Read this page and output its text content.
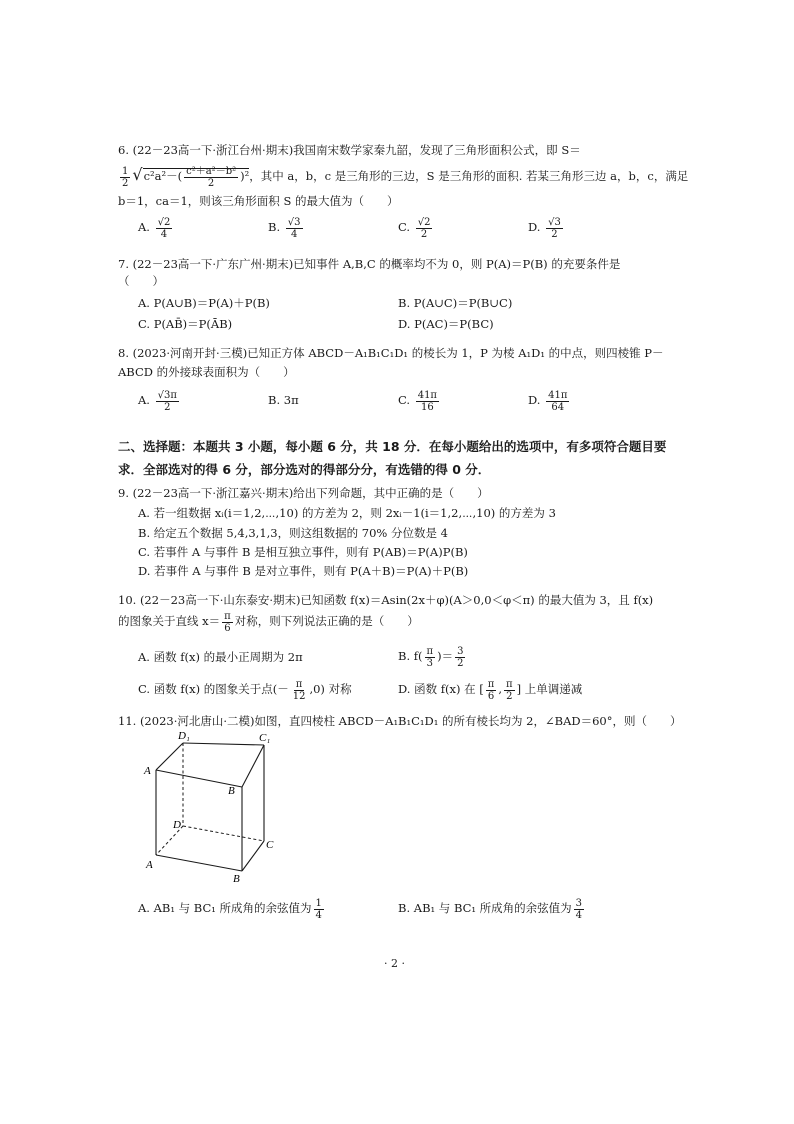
6. (22－23高一下·浙江台州·期末)我国南宋数学家秦九韶，发现了三角形面积公式，即 S＝
$\frac{1}{2} √c^2a^2-( \frac{\text{c²＋a²－b²}}{2} )^2$，其中 a，b，c 是三角形的三边，S 是三角形的面积. 若某三角形三边 a，b，c，满足
b＝1，ca＝1，则该三角形面积 S 的最大值为（　　）
A. $\frac{√2}{4}$	B. $\frac{√3}{4}$	C. $\frac{√2}{2}$	D. $\frac{√3}{2}$
7. (22－23高一下·广东广州·期末)已知事件 A,B,C 的概率均不为 0，则 P(A)＝P(B) 的充要条件是
（　　）
A. P(A∪B)＝P(A)＋P(B)	B. P(A∪C)＝P(B∪C)
C. P(AB̄)＝P(ĀB)	D. P(AC)＝P(BC)
8. (2023·河南开封·三模)已知正方体 ABCD－A₁B₁C₁D₁ 的棱长为 1，P 为棱 A₁D₁ 的中点，则四棱锥 P－
ABCD 的外接球表面积为（　　）
A. $\frac{√3\pi}{2}$	B. 3π	C. $\frac{41\pi}{16}$	D. $\frac{41\pi}{64}$
二、选择题：本题共 3 小题，每小题 6 分，共 18 分．在每小题给出的选项中，有多项符合题目要
求．全部选对的得 6 分，部分选对的得部分分，有选错的得 0 分．
9. (22－23高一下·浙江嘉兴·期末)给出下列命题，其中正确的是（　　）
A. 若一组数据 xᵢ(i＝1,2,⋯,10) 的方差为 2，则 2xᵢ－1(i＝1,2,⋯,10) 的方差为 3
B. 给定五个数据 5,4,3,1,3，则这组数据的 70% 分位数是 4
C. 若事件 A 与事件 B 是相互独立事件，则有 P(AB)＝P(A)P(B)
D. 若事件 A 与事件 B 是对立事件，则有 P(A＋B)＝P(A)＋P(B)
10. (22－23高一下·山东泰安·期末)已知函数 f(x)＝Asin(2x＋φ)(A＞0,0＜φ＜π) 的最大值为 3，且 f(x)
的图象关于直线 $x= \frac{\pi}{6}$ 对称，则下列说法正确的是（　　）
A. 函数 f(x) 的最小正周期为 2π	B. $f( \frac{\pi}{3}$ )＝ $\frac{3}{2}$
C. 函数 f(x) 的图象关于点(－ $\frac{\pi}{12} ,0$) 对称	D. 函数 f(x) 在 [ $\frac{\pi}{6}$ , $\frac{\pi}{2}$ ] 上单调递减
11. (2023·河北唐山·二模)如图，直四棱柱 ABCD－A₁B₁C₁D₁ 的所有棱长均为 2，∠BAD＝60°，则（　　）
D₁	C₁
A
B
D
C
A
B
A. AB₁ 与 BC₁ 所成角的余弦值为 $\frac{1}{4}$	B. AB₁ 与 BC₁ 所成角的余弦值为 $\frac{3}{4}$
· 2 ·
